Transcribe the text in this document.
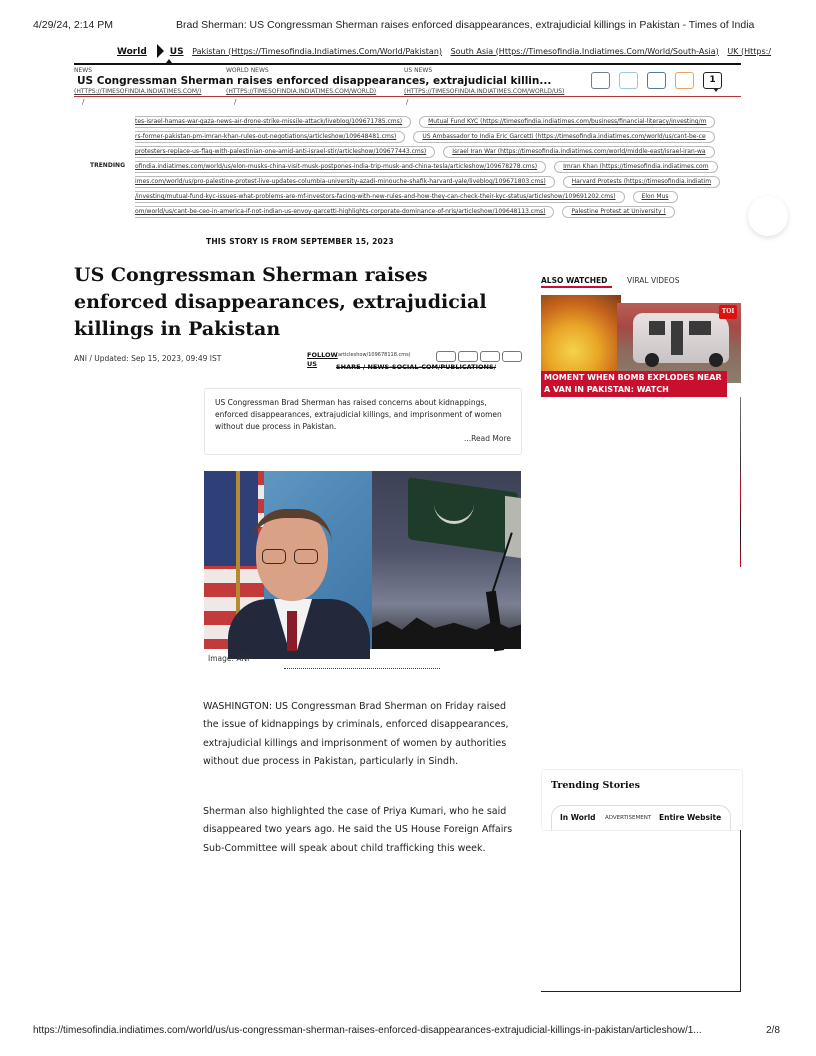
4/29/24, 2:14 PM	Brad Sherman: US Congressman Sherman raises enforced disappearances, extrajudicial killings in Pakistan - Times of India
World	US Pakistan (Https://Timesofindia.Indiatimes.Com/World/Pakistan) South Asia (Https://Timesofindia.Indiatimes.Com/World/South-Asia) UK (Https:/
NEWS	WORLD NEWS	US NEWS
US Congressman Sherman raises enforced disappearances, extrajudicial killin...
(HTTPS://TIMESOFINDIA.INDIATIMES.COM/)	(HTTPS://TIMESOFINDIA.INDIATIMES.COM/WORLD)	(HTTPS://TIMESOFINDIA.INDIATIMES.COM/WORLD/US)
/	/	/
1
TRENDING
tes-israel-hamas-war-gaza-news-air-drone-strike-missile-attack/liveblog/109671785.cms)	Mutual Fund KYC (https://timesofindia.indiatimes.com/business/financial-literacy/investing/m
rs-former-pakistan-pm-imran-khan-rules-out-negotiations/articleshow/109648481.cms)	US Ambassador to India Eric Garcetti (https://timesofindia.indiatimes.com/world/us/cant-be-ce
protesters-replace-us-flag-with-palestinian-one-amid-anti-israel-stir/articleshow/109677443.cms)	Israel Iran War (https://timesofindia.indiatimes.com/world/middle-east/israel-iran-wa
ofindia.indiatimes.com/world/us/elon-musks-china-visit-musk-postpones-india-trip-musk-and-china-tesla/articleshow/109678278.cms)	Imran Khan (https://timesofindia.indiatimes.com
imes.com/world/us/pro-palestine-protest-live-updates-columbia-university-azadi-minouche-shafik-harvard-yale/liveblog/109671803.cms)	Harvard Protests (https://timesofindia.indiatim
/investing/mutual-fund-kyc-issues-what-problems-are-mf-investors-facing-with-new-rules-and-how-they-can-check-their-kyc-status/articleshow/109691202.cms)	Elon Mus
om/world/us/cant-be-ceo-in-america-if-not-indian-us-envoy-garcetti-highlights-corporate-dominance-of-nris/articleshow/109648113.cms)	Palestine Protest at University (
THIS STORY IS FROM SEPTEMBER 15, 2023
US Congressman Sherman raises enforced disappearances, extrajudicial killings in Pakistan
ANI / Updated: Sep 15, 2023, 09:49 IST	FOLLOW US
(articleshow/109678118.cms)
SHARE / NEWS-SOCIAL-COM/PUBLICATIONS/
ALSO WATCHED	VIRAL VIDEOS
TOI
MOMENT WHEN BOMB EXPLODES NEAR A VAN IN PAKISTAN: WATCH
US Congressman Brad Sherman has raised concerns about kidnappings, enforced disappearances, extrajudicial killings, and imprisonment of women without due process in Pakistan.
...Read More
Image: ANI

WASHINGTON: US Congressman Brad Sherman on Friday raised the issue of kidnappings by criminals, enforced disappearances, extrajudicial killings and imprisonment of women by authorities without due process in Pakistan, particularly in Sindh.

Sherman also highlighted the case of Priya Kumari, who he said disappeared two years ago. He said the US House Foreign Affairs Sub-Committee will speak about child trafficking this week.

Trending Stories
In World ADVERTISEMENT Entire Website
https://timesofindia.indiatimes.com/world/us/us-congressman-sherman-raises-enforced-disappearances-extrajudicial-killings-in-pakistan/articleshow/1...	2/8
